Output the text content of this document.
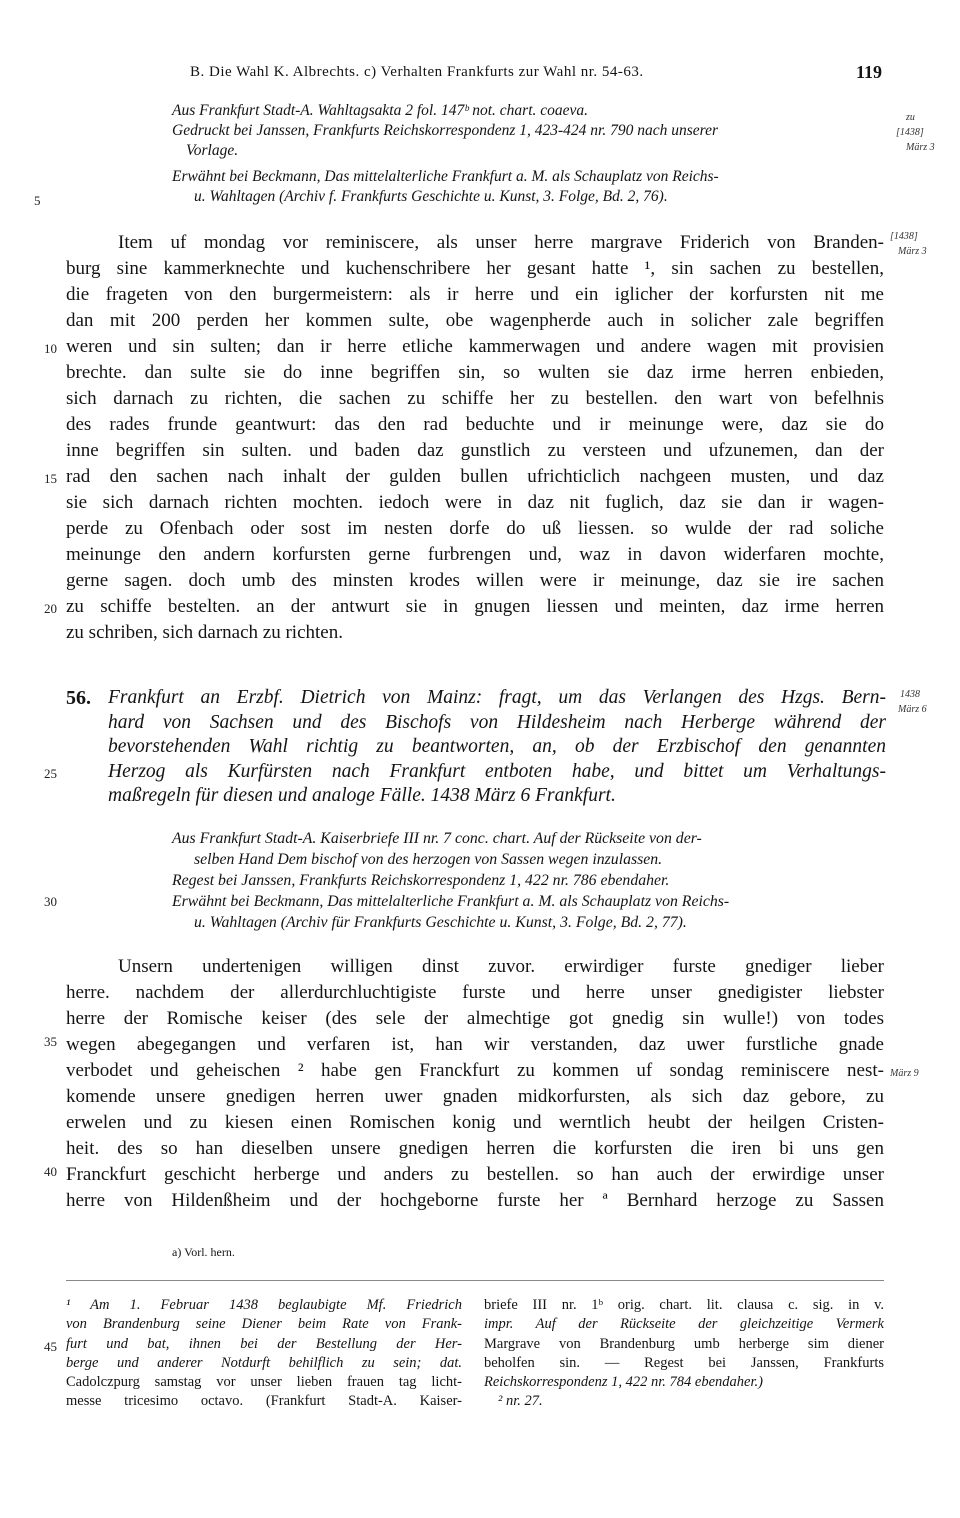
B. Die Wahl K. Albrechts. c) Verhalten Frankfurts zur Wahl nr. 54-63.	119
Aus Frankfurt Stadt-A. Wahltagsakta 2 fol. 147ᵇ not. chart. coaeva.
Gedruckt bei Janssen, Frankfurts Reichskorrespondenz 1, 423-424 nr. 790 nach unserer
Vorlage.
Erwähnt bei Beckmann, Das mittelalterliche Frankfurt a. M. als Schauplatz von Reichs-
u. Wahltagen (Archiv f. Frankfurts Geschichte u. Kunst, 3. Folge, Bd. 2, 76).
zu
[1438]
März 3
Item uf mondag vor reminiscere, als unser herre margrave Friderich von Branden-
burg sine kammerknechte und kuchenschribere her gesant hatte ¹, sin sachen zu bestellen,
die frageten von den burgermeistern: als ir herre und ein iglicher der korfursten nit me
dan mit 200 perden her kommen sulte, obe wagenpherde auch in solicher zale begriffen
weren und sin sulten; dan ir herre etliche kammerwagen und andere wagen mit provisien
brechte. dan sulte sie do inne begriffen sin, so wulten sie daz irme herren enbieden,
sich darnach zu richten, die sachen zu schiffe her zu bestellen. den wart von befelhnis
des rades frunde geantwurt: das den rad beduchte und ir meinunge were, daz sie do
inne begriffen sin sulten. und baden daz gunstlich zu versteen und ufzunemen, dan der
rad den sachen nach inhalt der gulden bullen ufrichticlich nachgeen musten, und daz
sie sich darnach richten mochten. iedoch were in daz nit fuglich, daz sie dan ir wagen-
perde zu Ofenbach oder sost im nesten dorfe do uß liessen. so wulde der rad soliche
meinunge den andern korfursten gerne furbrengen und, waz in davon widerfaren mochte,
gerne sagen. doch umb des minsten krodes willen were ir meinunge, daz sie ire sachen
zu schiffe bestelten. an der antwurt sie in gnugen liessen und meinten, daz irme herren
zu schriben, sich darnach zu richten.
[1438]
März 3
56. Frankfurt an Erzbf. Dietrich von Mainz: fragt, um das Verlangen des Hzgs. Bern-
hard von Sachsen und des Bischofs von Hildesheim nach Herberge während der
bevorstehenden Wahl richtig zu beantworten, an, ob der Erzbischof den genannten
Herzog als Kurfürsten nach Frankfurt entboten habe, und bittet um Verhaltungs-
maßregeln für diesen und analoge Fälle. 1438 März 6 Frankfurt.
1438
März 6
Aus Frankfurt Stadt-A. Kaiserbriefe III nr. 7 conc. chart. Auf der Rückseite von der-
selben Hand Dem bischof von des herzogen von Sassen wegen inzulassen.
Regest bei Janssen, Frankfurts Reichskorrespondenz 1, 422 nr. 786 ebendaher.
Erwähnt bei Beckmann, Das mittelalterliche Frankfurt a. M. als Schauplatz von Reichs-
u. Wahltagen (Archiv für Frankfurts Geschichte u. Kunst, 3. Folge, Bd. 2, 77).
Unsern undertenigen willigen dinst zuvor. erwirdiger furste gnediger lieber
herre. nachdem der allerdurchluchtigiste furste und herre unser gnedigister liebster
herre der Romische keiser (des sele der almechtige got gnedig sin wulle!) von todes
wegen abegegangen und verfaren ist, han wir verstanden, daz uwer furstliche gnade
verbodet und geheischen ² habe gen Franckfurt zu kommen uf sondag reminiscere nest-
komende unsere gnedigen herren uwer gnaden midkorfursten, als sich daz gebore, zu
erwelen und zu kiesen einen Romischen konig und werntlich heubt der heilgen Cristen-
heit. des so han dieselben unsere gnedigen herren die korfursten die iren bi uns gen
Franckfurt geschicht herberge und anders zu bestellen. so han auch der erwirdige unser
herre von Hildenßheim und der hochgeborne furste her ª Bernhard herzoge zu Sassen
März 9
a) Vorl. hern.
¹ Am 1. Februar 1438 beglaubigte Mf. Friedrich
von Brandenburg seine Diener beim Rate von Frank-
furt und bat, ihnen bei der Bestellung der Her-
berge und anderer Notdurft behilflich zu sein; dat.
Cadolczpurg samstag vor unser lieben frauen tag licht-
messe tricesimo octavo. (Frankfurt Stadt-A. Kaiser-
briefe III nr. 1ᵇ orig. chart. lit. clausa c. sig. in v.
impr. Auf der Rückseite der gleichzeitige Vermerk
Margrave von Brandenburg umb herberge sim diener
beholfen sin. — Regest bei Janssen, Frankfurts
Reichskorrespondenz 1, 422 nr. 784 ebendaher.)
² nr. 27.
5
10
15
20
25
30
35
40
45
